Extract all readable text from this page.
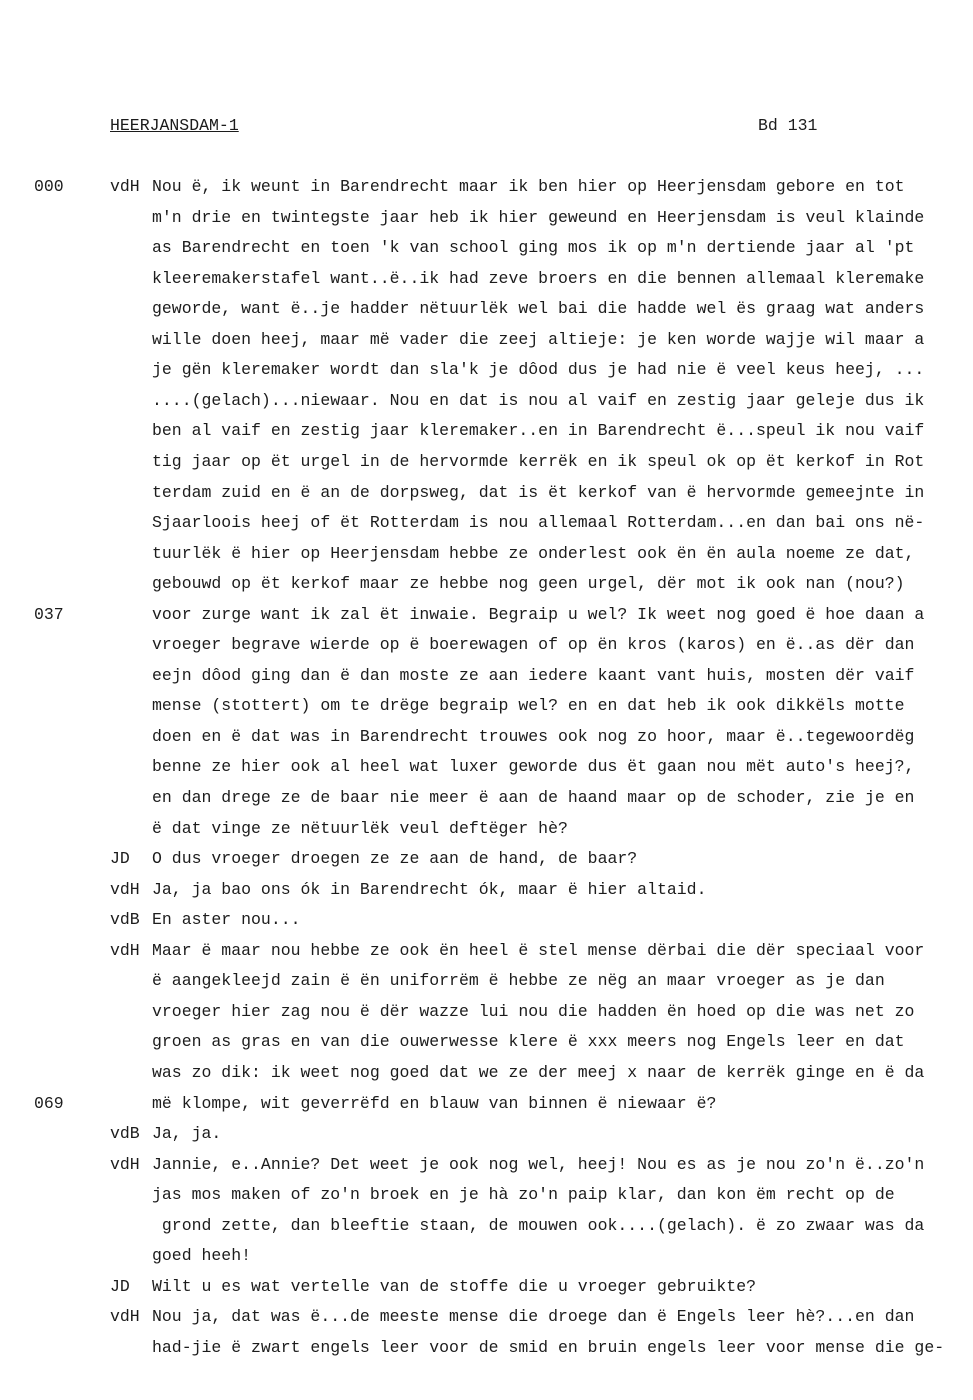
HEERJANSDAM-1	Bd 131
000
037
069
vdH Nou ë, ik weunt in Barendrecht maar ik ben hier op Heerjensdam gebore en tot
m'n drie en twintegste jaar heb ik hier geweund en Heerjensdam is veul klainde
as Barendrecht en toen 'k van school ging mos ik op m'n dertiende jaar al 'pt
kleeremakerstafel want..ë..ik had zeve broers en die bennen allemaal kleremake
geworde, want ë..je hadder nëtuurlëk wel bai die hadde wel ës graag wat anders
wille doen heej, maar më vader die zeej altieje: je ken worde wajje wil maar a
je gën kleremaker wordt dan sla'k je dôod dus je had nie ë veel keus heej, ...
....(gelach)...niewaar. Nou en dat is nou al vaif en zestig jaar geleje dus ik
ben al vaif en zestig jaar kleremaker..en in Barendrecht ë...speul ik nou vaif
tig jaar op ët urgel in de hervormde kerrëk en ik speul ok op ët kerkof in Rot
terdam zuid en ë an de dorpsweg, dat is ët kerkof van ë hervormde gemeejnte in
Sjaarloois heej of ët Rotterdam is nou allemaal Rotterdam...en dan bai ons në-
tuurlëk ë hier op Heerjensdam hebbe ze onderlest ook ën ën aula noeme ze dat,
gebouwd op ët kerkof maar ze hebbe nog geen urgel, dër mot ik ook nan (nou?)
voor zurge want ik zal ët inwaie. Begraip u wel? Ik weet nog goed ë hoe daan a
vroeger begrave wierde op ë boerewagen of op ën kros (karos) en ë..as dër dan
eejn dôod ging dan ë dan moste ze aan iedere kaant vant huis, mosten dër vaif
mense (stottert) om te drëge begraip wel? en en dat heb ik ook dikkëls motte
doen en ë dat was in Barendrecht trouwes ook nog zo hoor, maar ë..tegewoordëg
benne ze hier ook al heel wat luxer geworde dus ët gaan nou mët auto's heej?,
en dan drege ze de baar nie meer ë aan de haand maar op de schoder, zie je en
ë dat vinge ze nëtuurlëk veul deftëger hè?
JD O dus vroeger droegen ze ze aan de hand, de baar?
vdH Ja, ja bao ons ók in Barendrecht ók, maar ë hier altaid.
vdB En aster nou...
vdH Maar ë maar nou hebbe ze ook ën heel ë stel mense dërbai die dër speciaal voor
ë aangekleejd zain ë ën uniforrëm ë hebbe ze nëg an maar vroeger as je dan
vroeger hier zag nou ë dër wazze lui nou die hadden ën hoed op die was net zo
groen as gras en van die ouwerwesse klere ë xxx meers nog Engels leer en dat
was zo dik: ik weet nog goed dat we ze der meej x naar de kerrëk ginge en ë da
më klompe, wit geverrëfd en blauw van binnen ë niewaar ë?
vdB Ja, ja.
vdH Jannie, e..Annie? Det weet je ook nog wel, heej! Nou es as je nou zo'n ë..zo'n
jas mos maken of zo'n broek en je hà zo'n paip klar, dan kon ëm recht op de
grond zette, dan bleeftie staan, de mouwen ook....(gelach). ë zo zwaar was da
goed heeh!
JD Wilt u es wat vertelle van de stoffe die u vroeger gebruikte?
vdH Nou ja, dat was ë...de meeste mense die droege dan ë Engels leer hè?...en dan
had-jie ë zwart engels leer voor de smid en bruin engels leer voor mense die ge-
